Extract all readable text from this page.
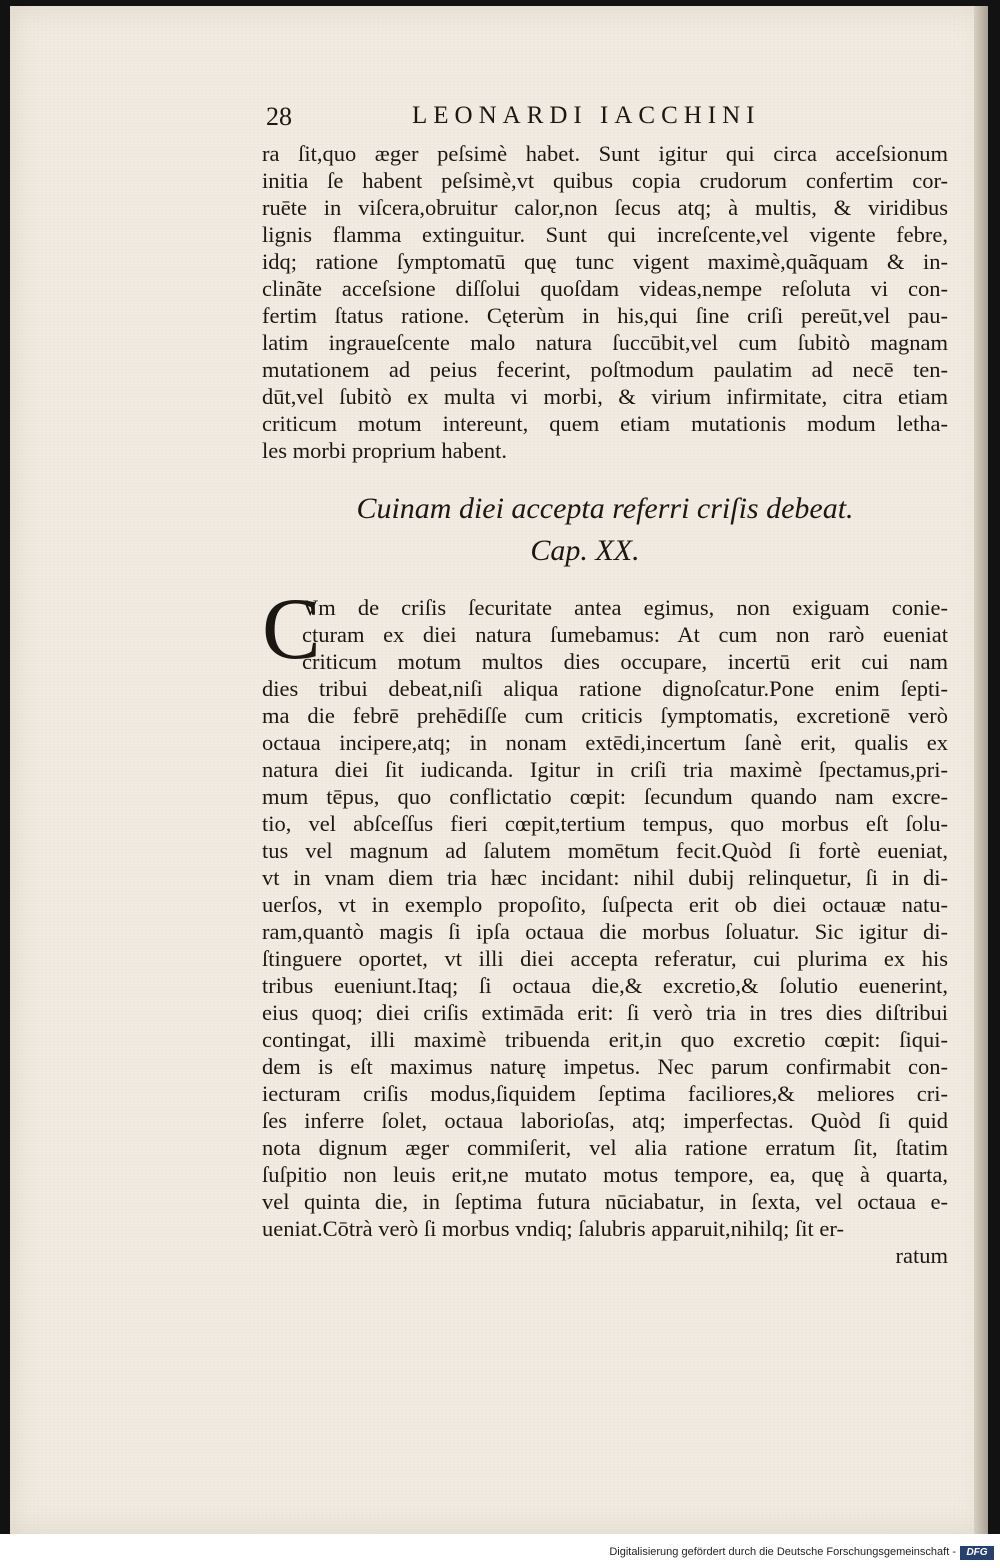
28	LEONARDI IACCHINI
ra ſit,quo æger peſsimè habet. Sunt igitur qui circa acceſsionum
initia ſe habent peſsimè,vt quibus copia crudorum confertim cor-
ruēte in viſcera,obruitur calor,non ſecus atq; à multis, & viridibus
lignis flamma extinguitur. Sunt qui increſcente,vel vigente febre,
idq; ratione ſymptomatū quę tunc vigent maximè,quãquam & in-
clinãte acceſsione diſſolui quoſdam videas,nempe reſoluta vi con-
fertim ſtatus ratione. Cęterùm in his,qui ſine criſi pereūt,vel pau-
latim ingraueſcente malo natura ſuccūbit,vel cum ſubitò magnam
mutationem ad peius fecerint, poſtmodum paulatim ad necē ten-
dūt,vel ſubitò ex multa vi morbi, & virium infirmitate, citra etiam
criticum motum intereunt, quem etiam mutationis modum letha-
les morbi proprium habent.
Cuinam diei accepta referri criſis debeat.
Cap. XX.
C
Vm de criſis ſecuritate antea egimus, non exiguam conie-
cturam ex diei natura ſumebamus: At cum non rarò eueniat
criticum motum multos dies occupare, incertū erit cui nam
dies tribui debeat,niſi aliqua ratione dignoſcatur.Pone enim ſepti-
ma die febrē prehēdiſſe cum criticis ſymptomatis, excretionē verò
octaua incipere,atq; in nonam extēdi,incertum ſanè erit, qualis ex
natura diei ſit iudicanda. Igitur in criſi tria maximè ſpectamus,pri-
mum tēpus, quo conflictatio cœpit: ſecundum quando nam excre-
tio, vel abſceſſus fieri cœpit,tertium tempus, quo morbus eſt ſolu-
tus vel magnum ad ſalutem momētum fecit.Quòd ſi fortè eueniat,
vt in vnam diem tria hæc incidant: nihil dubij relinquetur, ſi in di-
uerſos, vt in exemplo propoſito, ſuſpecta erit ob diei octauæ natu-
ram,quantò magis ſi ipſa octaua die morbus ſoluatur. Sic igitur di-
ſtinguere oportet, vt illi diei accepta referatur, cui plurima ex his
tribus eueniunt.Itaq; ſi octaua die,& excretio,& ſolutio euenerint,
eius quoq; diei criſis extimāda erit: ſi verò tria in tres dies diſtribui
contingat, illi maximè tribuenda erit,in quo excretio cœpit: ſiqui-
dem is eſt maximus naturę impetus. Nec parum confirmabit con-
iecturam criſis modus,ſiquidem ſeptima faciliores,& meliores cri-
ſes inferre ſolet, octaua laborioſas, atq; imperfectas. Quòd ſi quid
nota dignum æger commiſerit, vel alia ratione erratum ſit, ſtatim
ſuſpitio non leuis erit,ne mutato motus tempore, ea, quę à quarta,
vel quinta die, in ſeptima futura nūciabatur, in ſexta, vel octaua e-
ueniat.Cōtrà verò ſi morbus vndiq; ſalubris apparuit,nihilq; ſit er-
ratum
Digitalisierung gefördert durch die Deutsche Forschungsgemeinschaft -	DFG
